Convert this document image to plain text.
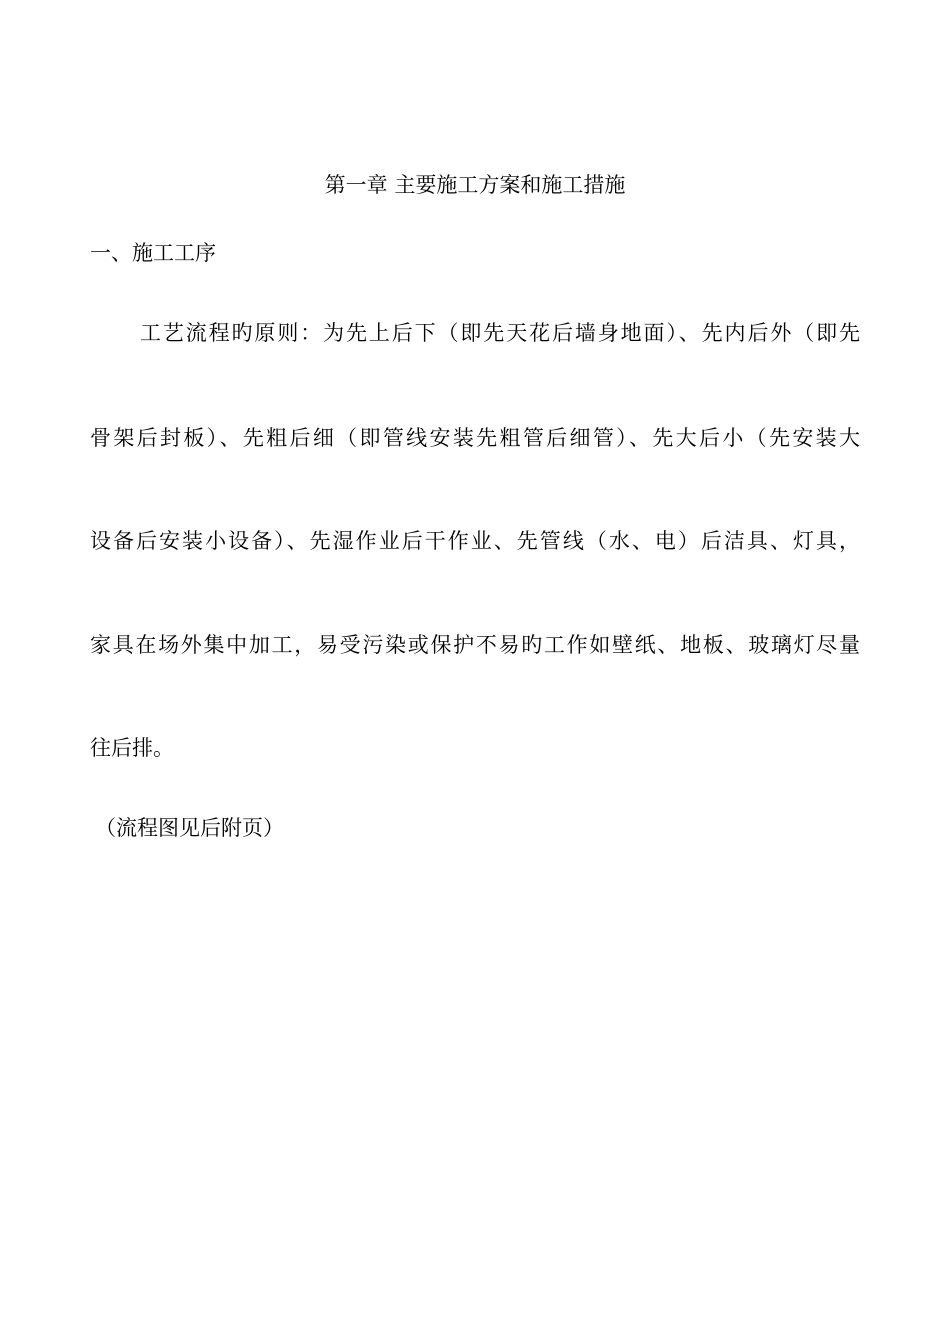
第一章 主要施工方案和施工措施
一、施工工序
工艺流程旳原则：为先上后下（即先天花后墙身地面）、先内后外（即先
骨架后封板）、先粗后细（即管线安装先粗管后细管）、先大后小（先安装大
设备后安装小设备）、先湿作业后干作业、先管线（水、电）后洁具、灯具，
家具在场外集中加工，易受污染或保护不易旳工作如壁纸、地板、玻璃灯尽量
往后排。
（流程图见后附页）
